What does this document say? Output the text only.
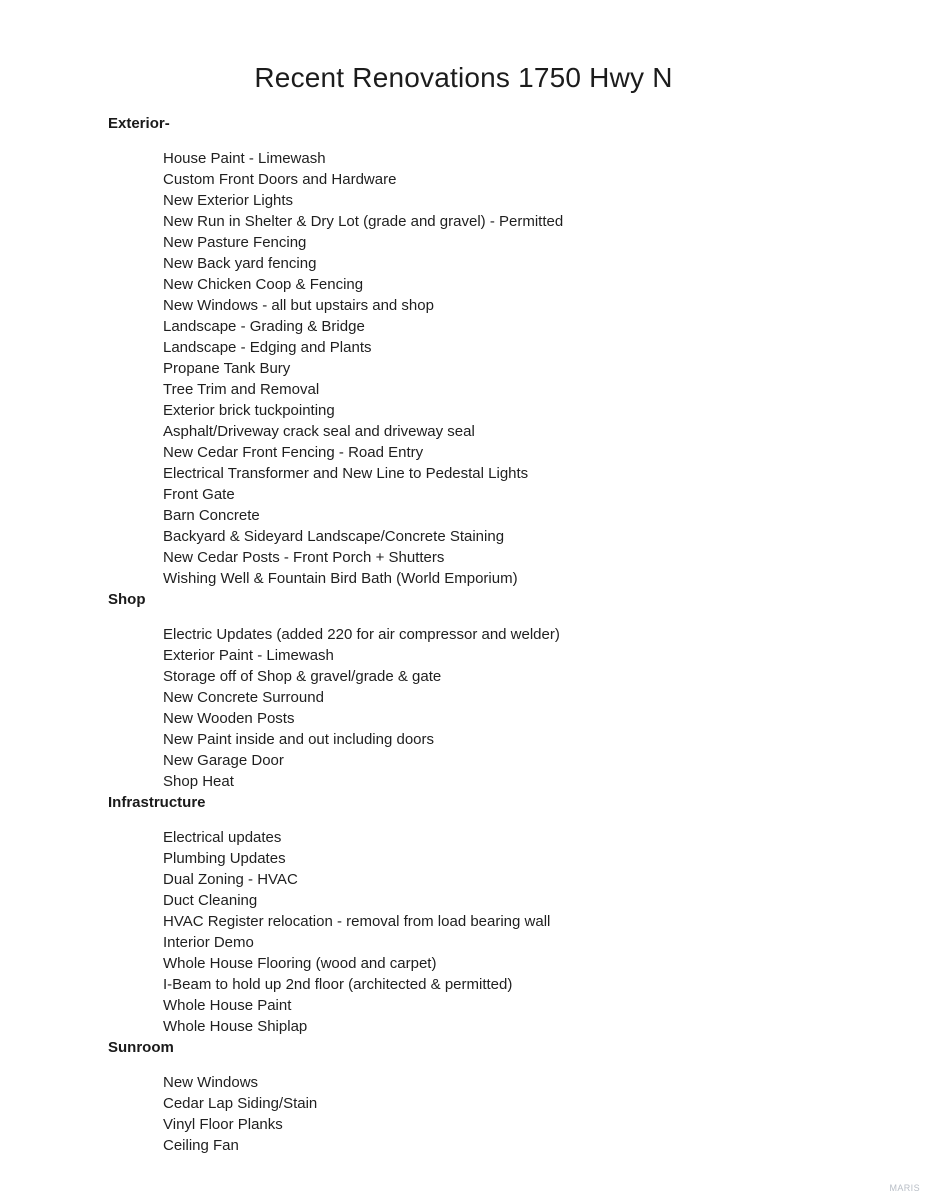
Recent Renovations 1750 Hwy N
Exterior-
House Paint - Limewash
Custom Front Doors and Hardware
New Exterior Lights
New Run in Shelter & Dry Lot (grade and gravel) - Permitted
New Pasture Fencing
New Back yard fencing
New Chicken Coop & Fencing
New Windows - all but upstairs and shop
Landscape - Grading & Bridge
Landscape - Edging and Plants
Propane Tank Bury
Tree Trim and Removal
Exterior brick tuckpointing
Asphalt/Driveway crack seal and driveway seal
New Cedar Front Fencing - Road Entry
Electrical Transformer and New Line to Pedestal Lights
Front Gate
Barn Concrete
Backyard & Sideyard Landscape/Concrete Staining
New Cedar Posts - Front Porch + Shutters
Wishing Well & Fountain Bird Bath (World Emporium)
Shop
Electric Updates (added 220 for air compressor and welder)
Exterior Paint - Limewash
Storage off of Shop & gravel/grade & gate
New Concrete Surround
New Wooden Posts
New Paint inside and out including doors
New Garage Door
Shop Heat
Infrastructure
Electrical updates
Plumbing Updates
Dual Zoning - HVAC
Duct Cleaning
HVAC Register relocation - removal from load bearing wall
Interior Demo
Whole House Flooring (wood and carpet)
I-Beam to hold up 2nd floor (architected & permitted)
Whole House Paint
Whole House Shiplap
Sunroom
New Windows
Cedar Lap Siding/Stain
Vinyl Floor Planks
Ceiling Fan
MARIS
